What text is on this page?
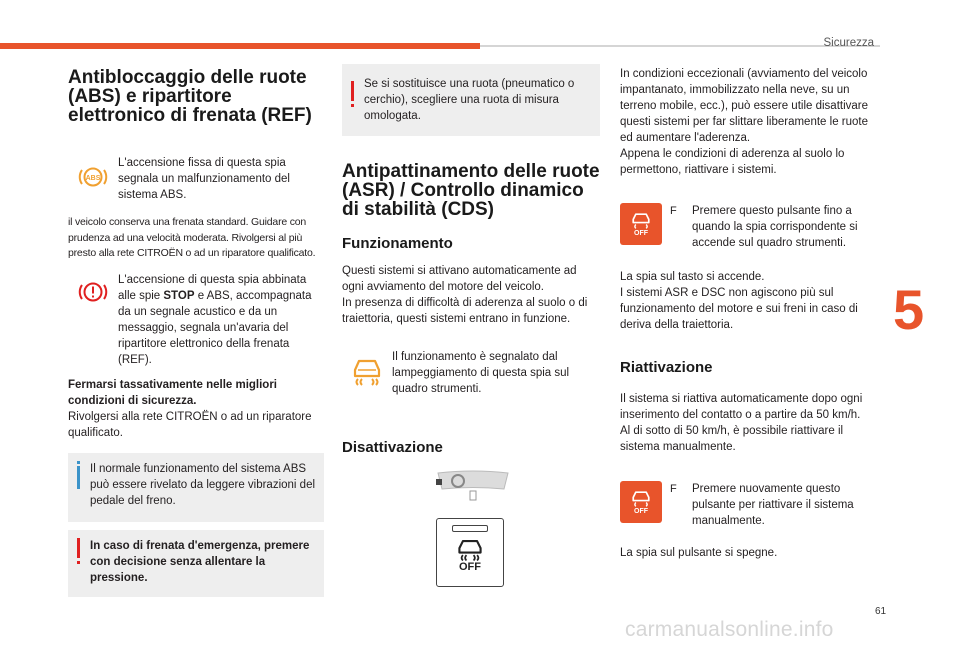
Sicurezza
5
61
carmanualsonline.info
Antibloccaggio delle ruote (ABS) e ripartitore elettronico di frenata (REF)
ABS
L'accensione fissa di questa spia segnala un malfunzionamento del sistema ABS.

il veicolo conserva una frenata standard. Guidare con prudenza ad una velocità moderata. Rivolgersi al più presto alla rete CITROËN o ad un riparatore qualificato.

L'accensione di questa spia abbinata alle spie STOP e ABS, accompagnata da un segnale acustico e da un messaggio, segnala un'avaria del ripartitore elettronico della frenata (REF).

Fermarsi tassativamente nelle migliori condizioni di sicurezza.
Rivolgersi alla rete CITROËN o ad un riparatore qualificato.

Il normale funzionamento del sistema ABS può essere rivelato da leggere vibrazioni del pedale del freno.
In caso di frenata d'emergenza, premere con decisione senza allentare la pressione.
Se si sostituisce una ruota (pneumatico o cerchio), scegliere una ruota di misura omologata.
Antipattinamento delle ruote (ASR) / Controllo dinamico di stabilità (CDS)
Funzionamento

Questi sistemi si attivano automaticamente ad ogni avviamento del motore del veicolo.

In presenza di difficoltà di aderenza al suolo o di traiettoria, questi sistemi entrano in funzione.

Il funzionamento è segnalato dal lampeggiamento di questa spia sul quadro strumenti.
Disattivazione
OFF

In condizioni eccezionali (avviamento del veicolo impantanato, immobilizzato nella neve, su un terreno mobile, ecc.), può essere utile disattivare questi sistemi per far slittare liberamente le ruote ed aumentare l'aderenza.

Appena le condizioni di aderenza al suolo lo permettono, riattivare i sistemi.

OFF
F	Premere questo pulsante fino a quando la spia corrispondente si accende sul quadro strumenti.

La spia sul tasto si accende.

I sistemi ASR e DSC non agiscono più sul funzionamento del motore e sui freni in caso di deriva della traiettoria.

Riattivazione

Il sistema si riattiva automaticamente dopo ogni inserimento del contatto o a partire da 50 km/h.

Al di sotto di 50 km/h, è possibile riattivare il sistema manualmente.

OFF
F	Premere nuovamente questo pulsante per riattivare il sistema manualmente.

La spia sul pulsante si spegne.
